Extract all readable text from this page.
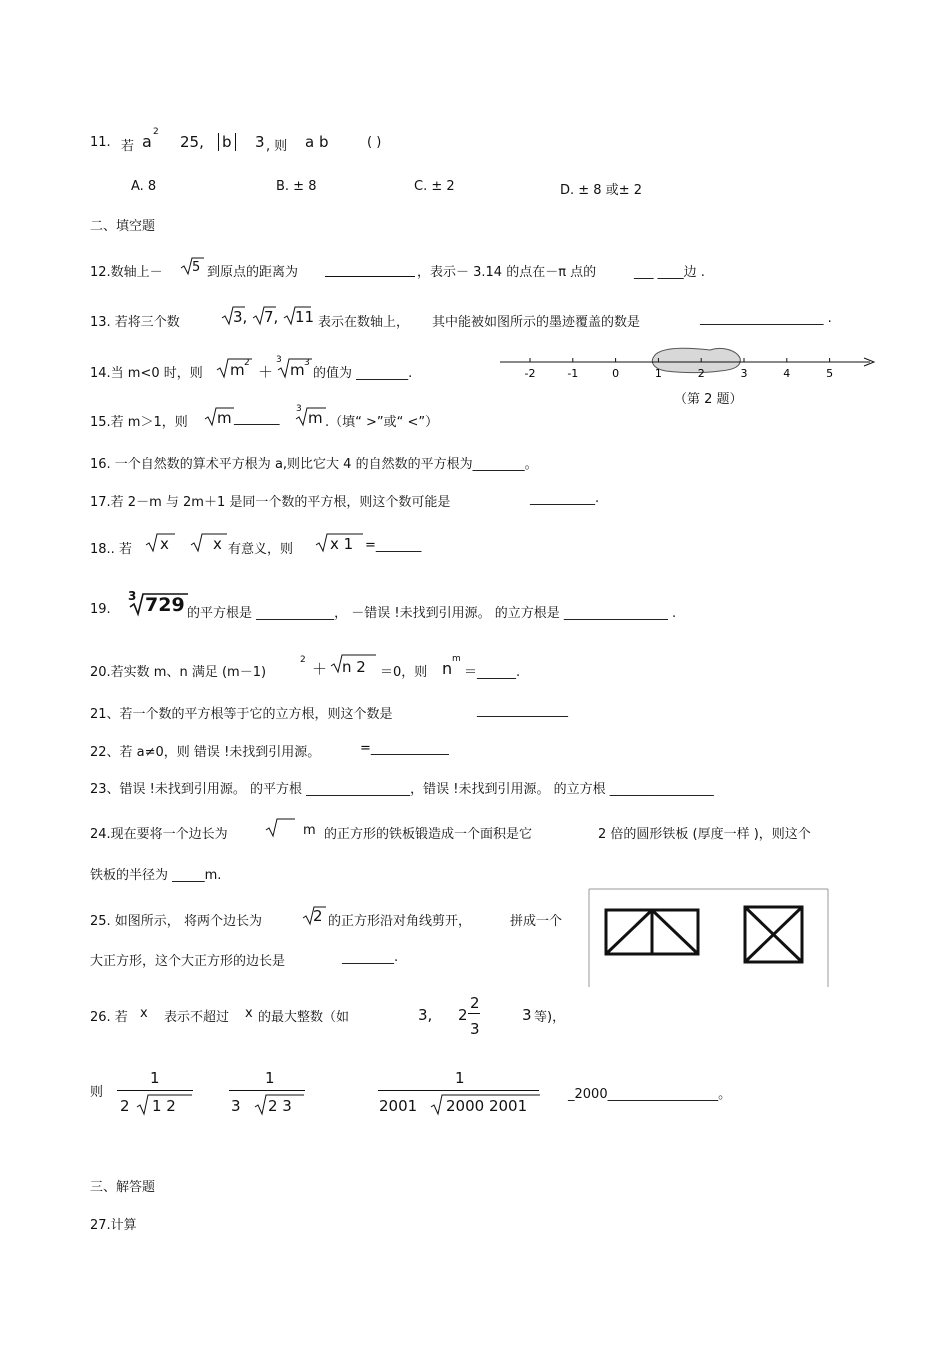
11. 若 a 2
25, b 3 , 则 a b	( )
A. 8	B. ± 8	C. ± 2	D. ± 8 或± 2
二、填空题
12.数轴上－ 5 到原点的距离为	，表示－ 3.14 的点在－π 点的	___ ____边 .
13. 若将三个数	3, 7, 11 表示在数轴上， 其中能被如图所示的墨迹覆盖的数是	___________________ .
14.当 m<0 时，则 m 2 ＋
3
m 3
的值为 ________.	-2	-1	0	1	2	3	4	5
（第 2 题）
15.若 m＞1，则 m _______
3 m .（填“ >”或“ <”）
16. 一个自然数的算术平方根为 a,则比它大 4 的自然数的平方根为________。
17.若 2－m 与 2m＋1 是同一个数的平方根，则这个数可能是	__________.
18.. 若 x	x 有意义，则 x 1 =_______
19.
3 729 的平方根是 ____________， －错误 !未找到引用源。 的立方根是 ________________ .
20.若实数 m、n 满足 (m－1)
2 ＋ n 2 ＝0，则 n m
＝______.
21、若一个数的平方根等于它的立方根，则这个数是	______________
22、若 a≠0，则 错误 !未找到引用源。	=____________
23、错误 !未找到引用源。 的平方根 ________________，错误 !未找到引用源。 的立方根 ________________
24.现在要将一个边长为	m 的正方形的铁板锻造成一个面积是它	2 倍的圆形铁板 (厚度一样 )，则这个
铁板的半径为 _____m.
25. 如图所示， 将两个边长为	2 的正方形沿对角线剪开，	拼成一个
大正方形，这个大正方形的边长是	________.
26. 若 x 表示不超过 x 的最大整数（如	3, 2
2
3
3 等)，
则
1
2 1 2
1
3 2 3
1
2001 2000 2001
_2000_________________。
三、解答题
27.计算
